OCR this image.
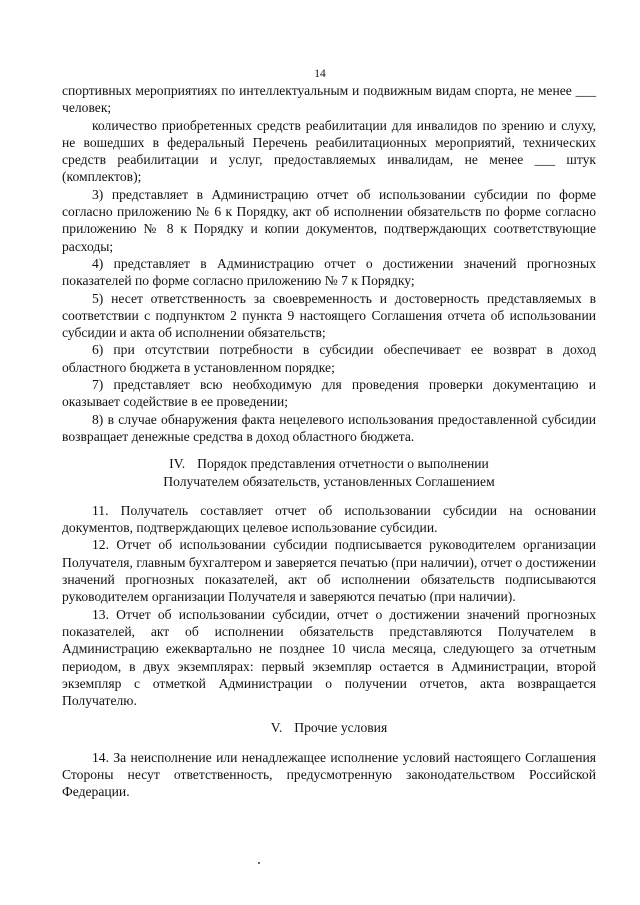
14

спортивных мероприятиях по интеллектуальным и подвижным видам спорта, не менее ___ человек;

количество приобретенных средств реабилитации для инвалидов по зрению и слуху, не вошедших в федеральный Перечень реабилитационных мероприятий, технических средств реабилитации и услуг, предоставляемых инвалидам, не менее ___ штук (комплектов);

3) представляет в Администрацию отчет об использовании субсидии по форме согласно приложению № 6 к Порядку, акт об исполнении обязательств по форме согласно приложению № 8 к Порядку и копии документов, подтверждающих соответствующие расходы;

4) представляет в Администрацию отчет о достижении значений прогнозных показателей по форме согласно приложению № 7 к Порядку;

5) несет ответственность за своевременность и достоверность представляемых в соответствии с подпунктом 2 пункта 9 настоящего Соглашения отчета об использовании субсидии и акта об исполнении обязательств;

6) при отсутствии потребности в субсидии обеспечивает ее возврат в доход областного бюджета в установленном порядке;

7) представляет всю необходимую для проведения проверки документацию и оказывает содействие в ее проведении;

8) в случае обнаружения факта нецелевого использования предоставленной субсидии возвращает денежные средства в доход областного бюджета.

IV. Порядок представления отчетности о выполнении
Получателем обязательств, установленных Соглашением

11. Получатель составляет отчет об использовании субсидии на основании документов, подтверждающих целевое использование субсидии.

12. Отчет об использовании субсидии подписывается руководителем организации Получателя, главным бухгалтером и заверяется печатью (при наличии), отчет о достижении значений прогнозных показателей, акт об исполнении обязательств подписываются руководителем организации Получателя и заверяются печатью (при наличии).

13. Отчет об использовании субсидии, отчет о достижении значений прогнозных показателей, акт об исполнении обязательств представляются Получателем в Администрацию ежеквартально не позднее 10 числа месяца, следующего за отчетным периодом, в двух экземплярах: первый экземпляр остается в Администрации, второй экземпляр с отметкой Администрации о получении отчетов, акта возвращается Получателю.

V. Прочие условия

14. За неисполнение или ненадлежащее исполнение условий настоящего Соглашения Стороны несут ответственность, предусмотренную законодательством Российской Федерации.
